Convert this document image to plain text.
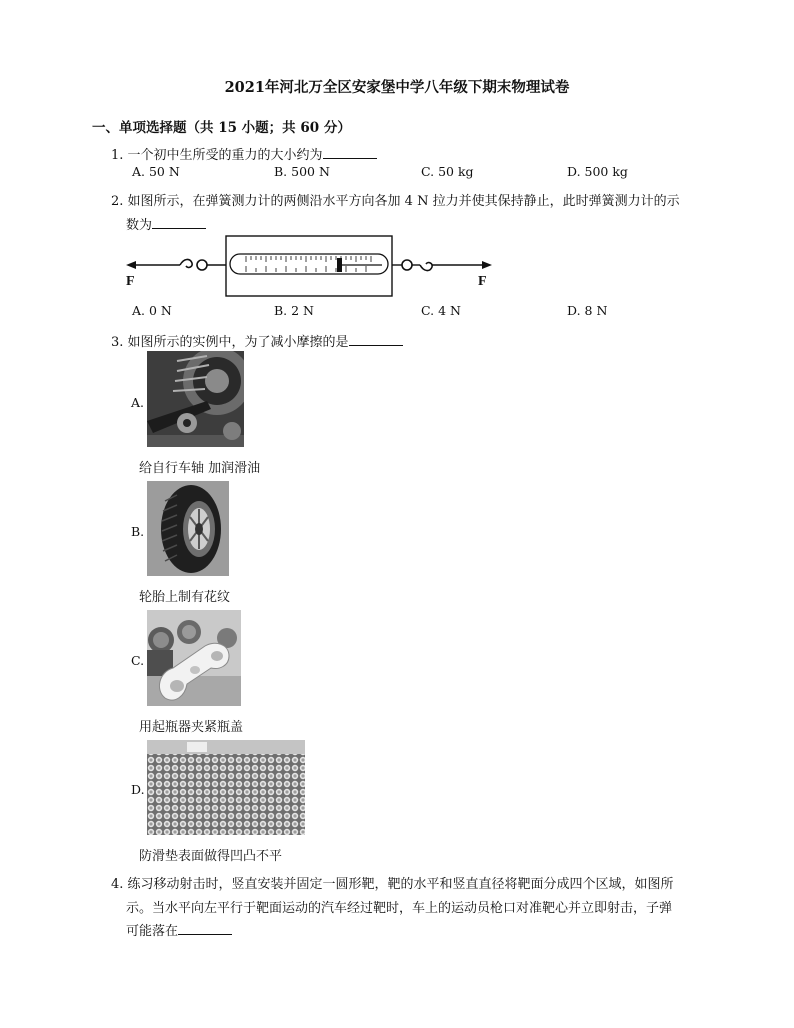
2021年河北万全区安家堡中学八年级下期末物理试卷
一、单项选择题（共 15 小题；共 60 分）
1. 一个初中生所受的重力的大小约为
A. 50 N	B. 500 N	C. 50 kg	D. 500 kg
2. 如图所示，在弹簧测力计的两侧沿水平方向各加 4 N 拉力并使其保持静止，此时弹簧测力计的示
数为
F	F
A. 0 N	B. 2 N	C. 4 N	D. 8 N
3. 如图所示的实例中，为了减小摩擦的是
A.
给自行车轴 加润滑油
B.
轮胎上制有花纹
C.
用起瓶器夹紧瓶盖
D.
防滑垫表面做得凹凸不平
4. 练习移动射击时，竖直安装并固定一圆形靶，靶的水平和竖直直径将靶面分成四个区域，如图所
示。当水平向左平行于靶面运动的汽车经过靶时，车上的运动员枪口对准靶心并立即射击，子弹
可能落在
